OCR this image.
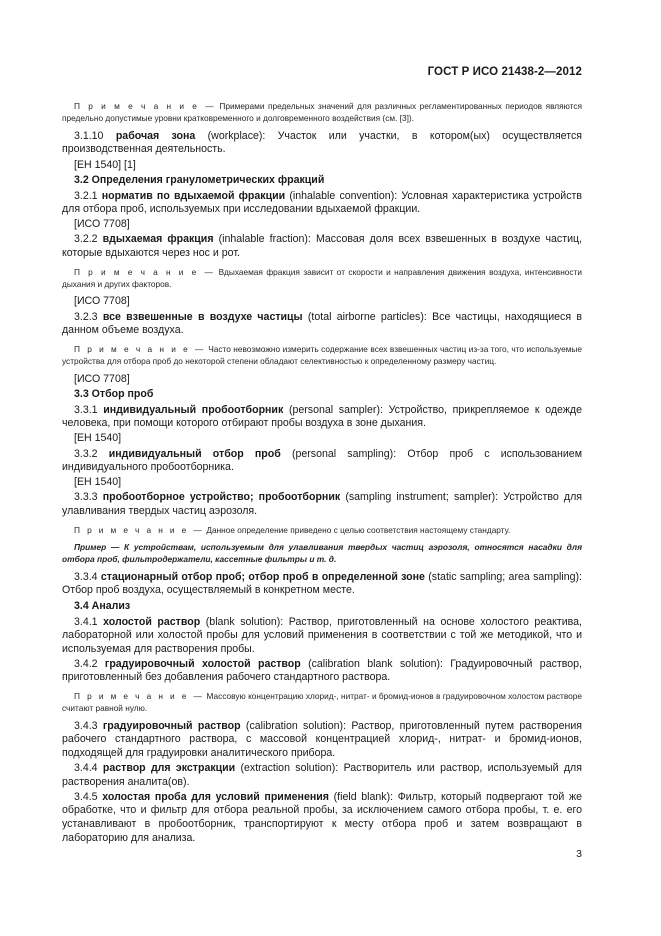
ГОСТ Р ИСО 21438-2—2012
П р и м е ч а н и е — Примерами предельных значений для различных регламентированных периодов являются предельно допустимые уровни кратковременного и долговременного воздействия (см. [3]).
3.1.10 рабочая зона (workplace): Участок или участки, в котором(ых) осуществляется производственная деятельность.
[ЕН 1540] [1]
3.2 Определения гранулометрических фракций
3.2.1 норматив по вдыхаемой фракции (inhalable convention): Условная характеристика устройств для отбора проб, используемых при исследовании вдыхаемой фракции.
[ИСО 7708]
3.2.2 вдыхаемая фракция (inhalable fraction): Массовая доля всех взвешенных в воздухе частиц, которые вдыхаются через нос и рот.
П р и м е ч а н и е — Вдыхаемая фракция зависит от скорости и направления движения воздуха, интенсивности дыхания и других факторов.
[ИСО 7708]
3.2.3 все взвешенные в воздухе частицы (total airborne particles): Все частицы, находящиеся в данном объеме воздуха.
П р и м е ч а н и е — Часто невозможно измерить содержание всех взвешенных частиц из-за того, что используемые устройства для отбора проб до некоторой степени обладают селективностью к определенному размеру частиц.
[ИСО 7708]
3.3 Отбор проб
3.3.1 индивидуальный пробоотборник (personal sampler): Устройство, прикрепляемое к одежде человека, при помощи которого отбирают пробы воздуха в зоне дыхания.
[ЕН 1540]
3.3.2 индивидуальный отбор проб (personal sampling): Отбор проб с использованием индивидуального пробоотборника.
[ЕН 1540]
3.3.3 пробоотборное устройство; пробоотборник (sampling instrument; sampler): Устройство для улавливания твердых частиц аэрозоля.
П р и м е ч а н и е — Данное определение приведено с целью соответствия настоящему стандарту.
Пример — К устройствам, используемым для улавливания твердых частиц аэрозоля, относятся насадки для отбора проб, фильтродержатели, кассетные фильтры и т. д.
3.3.4 стационарный отбор проб; отбор проб в определенной зоне (static sampling; area sampling): Отбор проб воздуха, осуществляемый в конкретном месте.
3.4 Анализ
3.4.1 холостой раствор (blank solution): Раствор, приготовленный на основе холостого реактива, лабораторной или холостой пробы для условий применения в соответствии с той же методикой, что и используемая для растворения пробы.
3.4.2 градуировочный холостой раствор (calibration blank solution): Градуировочный раствор, приготовленный без добавления рабочего стандартного раствора.
П р и м е ч а н и е — Массовую концентрацию хлорид-, нитрат- и бромид-ионов в градуировочном холостом растворе считают равной нулю.
3.4.3 градуировочный раствор (calibration solution): Раствор, приготовленный путем растворения рабочего стандартного раствора, с массовой концентрацией хлорид-, нитрат- и бромид-ионов, подходящей для градуировки аналитического прибора.
3.4.4 раствор для экстракции (extraction solution): Растворитель или раствор, используемый для растворения аналита(ов).
3.4.5 холостая проба для условий применения (field blank): Фильтр, который подвергают той же обработке, что и фильтр для отбора реальной пробы, за исключением самого отбора пробы, т. е. его устанавливают в пробоотборник, транспортируют к месту отбора проб и затем возвращают в лабораторию для анализа.
3
